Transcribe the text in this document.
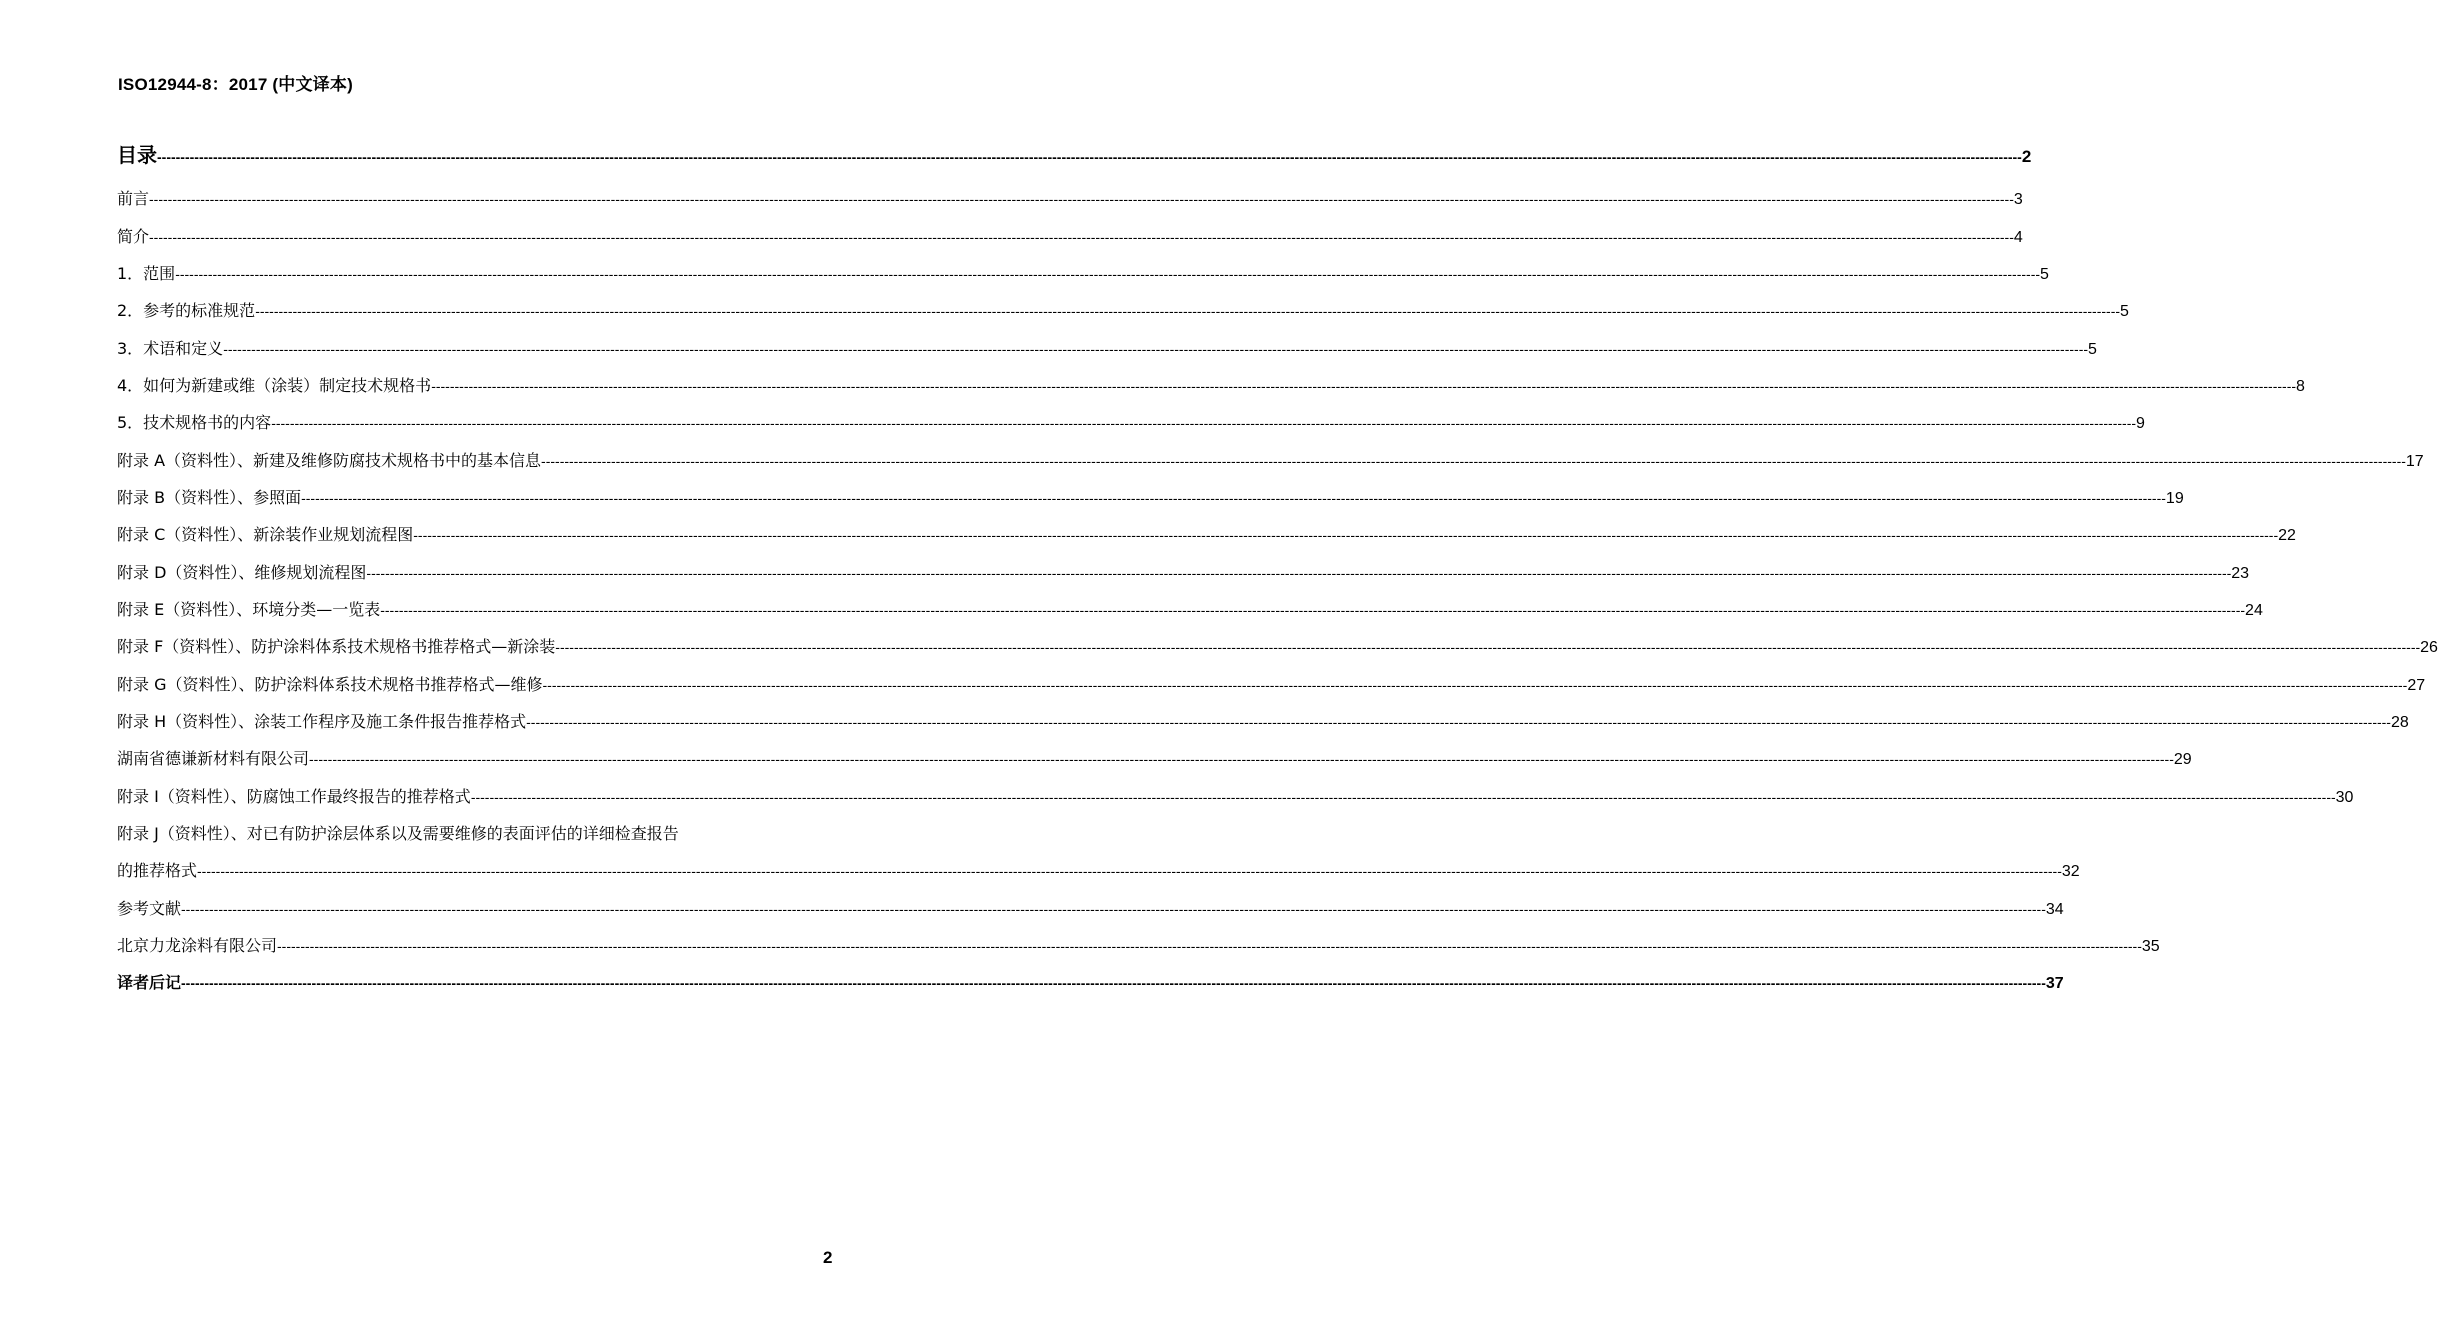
ISO12944-8：2017 (中文译本)
目录 ---------------------------------------------------------------------------------------------------------------------------------------------------------------------------------------------------------------------------------------------------------------------------------------------------------------------------------------------------------------------------------------------------------------- 2
前言 ---------------------------------------------------------------------------------------------------------------------------------------------------------------------------------------------------------------------------------------------------------------------------------------------------------------------------------------------------------------------------------------------------------------- 3
简介 ---------------------------------------------------------------------------------------------------------------------------------------------------------------------------------------------------------------------------------------------------------------------------------------------------------------------------------------------------------------------------------------------------------------- 4
1．范围 ---------------------------------------------------------------------------------------------------------------------------------------------------------------------------------------------------------------------------------------------------------------------------------------------------------------------------------------------------------------------------------------------------------------- 5
2．参考的标准规范 ---------------------------------------------------------------------------------------------------------------------------------------------------------------------------------------------------------------------------------------------------------------------------------------------------------------------------------------------------------------------------------------------------------------- 5
3．术语和定义 ---------------------------------------------------------------------------------------------------------------------------------------------------------------------------------------------------------------------------------------------------------------------------------------------------------------------------------------------------------------------------------------------------------------- 5
4．如何为新建或维（涂装）制定技术规格书 ---------------------------------------------------------------------------------------------------------------------------------------------------------------------------------------------------------------------------------------------------------------------------------------------------------------------------------------------------------------------------------------------------------------- 8
5．技术规格书的内容 ---------------------------------------------------------------------------------------------------------------------------------------------------------------------------------------------------------------------------------------------------------------------------------------------------------------------------------------------------------------------------------------------------------------- 9
附录 A（资料性）、新建及维修防腐技术规格书中的基本信息 ---------------------------------------------------------------------------------------------------------------------------------------------------------------------------------------------------------------------------------------------------------------------------------------------------------------------------------------------------------------------------------------------------------------- 17
附录 B（资料性）、参照面 ---------------------------------------------------------------------------------------------------------------------------------------------------------------------------------------------------------------------------------------------------------------------------------------------------------------------------------------------------------------------------------------------------------------- 19
附录 C（资料性）、新涂装作业规划流程图 ---------------------------------------------------------------------------------------------------------------------------------------------------------------------------------------------------------------------------------------------------------------------------------------------------------------------------------------------------------------------------------------------------------------- 22
附录 D（资料性）、维修规划流程图 ---------------------------------------------------------------------------------------------------------------------------------------------------------------------------------------------------------------------------------------------------------------------------------------------------------------------------------------------------------------------------------------------------------------- 23
附录 E（资料性）、环境分类—一览表 ---------------------------------------------------------------------------------------------------------------------------------------------------------------------------------------------------------------------------------------------------------------------------------------------------------------------------------------------------------------------------------------------------------------- 24
附录 F（资料性）、防护涂料体系技术规格书推荐格式—新涂装 ---------------------------------------------------------------------------------------------------------------------------------------------------------------------------------------------------------------------------------------------------------------------------------------------------------------------------------------------------------------------------------------------------------------- 26
附录 G（资料性）、防护涂料体系技术规格书推荐格式—维修 ---------------------------------------------------------------------------------------------------------------------------------------------------------------------------------------------------------------------------------------------------------------------------------------------------------------------------------------------------------------------------------------------------------------- 27
附录 H（资料性）、涂装工作程序及施工条件报告推荐格式 ---------------------------------------------------------------------------------------------------------------------------------------------------------------------------------------------------------------------------------------------------------------------------------------------------------------------------------------------------------------------------------------------------------------- 28
湖南省德谦新材料有限公司 ---------------------------------------------------------------------------------------------------------------------------------------------------------------------------------------------------------------------------------------------------------------------------------------------------------------------------------------------------------------------------------------------------------------- 29
附录 I（资料性）、防腐蚀工作最终报告的推荐格式 ---------------------------------------------------------------------------------------------------------------------------------------------------------------------------------------------------------------------------------------------------------------------------------------------------------------------------------------------------------------------------------------------------------------- 30
附录 J（资料性）、对已有防护涂层体系以及需要维修的表面评估的详细检查报告
的推荐格式 ---------------------------------------------------------------------------------------------------------------------------------------------------------------------------------------------------------------------------------------------------------------------------------------------------------------------------------------------------------------------------------------------------------------- 32
参考文献 ---------------------------------------------------------------------------------------------------------------------------------------------------------------------------------------------------------------------------------------------------------------------------------------------------------------------------------------------------------------------------------------------------------------- 34
北京力龙涂料有限公司 ---------------------------------------------------------------------------------------------------------------------------------------------------------------------------------------------------------------------------------------------------------------------------------------------------------------------------------------------------------------------------------------------------------------- 35
译者后记 ---------------------------------------------------------------------------------------------------------------------------------------------------------------------------------------------------------------------------------------------------------------------------------------------------------------------------------------------------------------------------------------------------------------- 37
2
